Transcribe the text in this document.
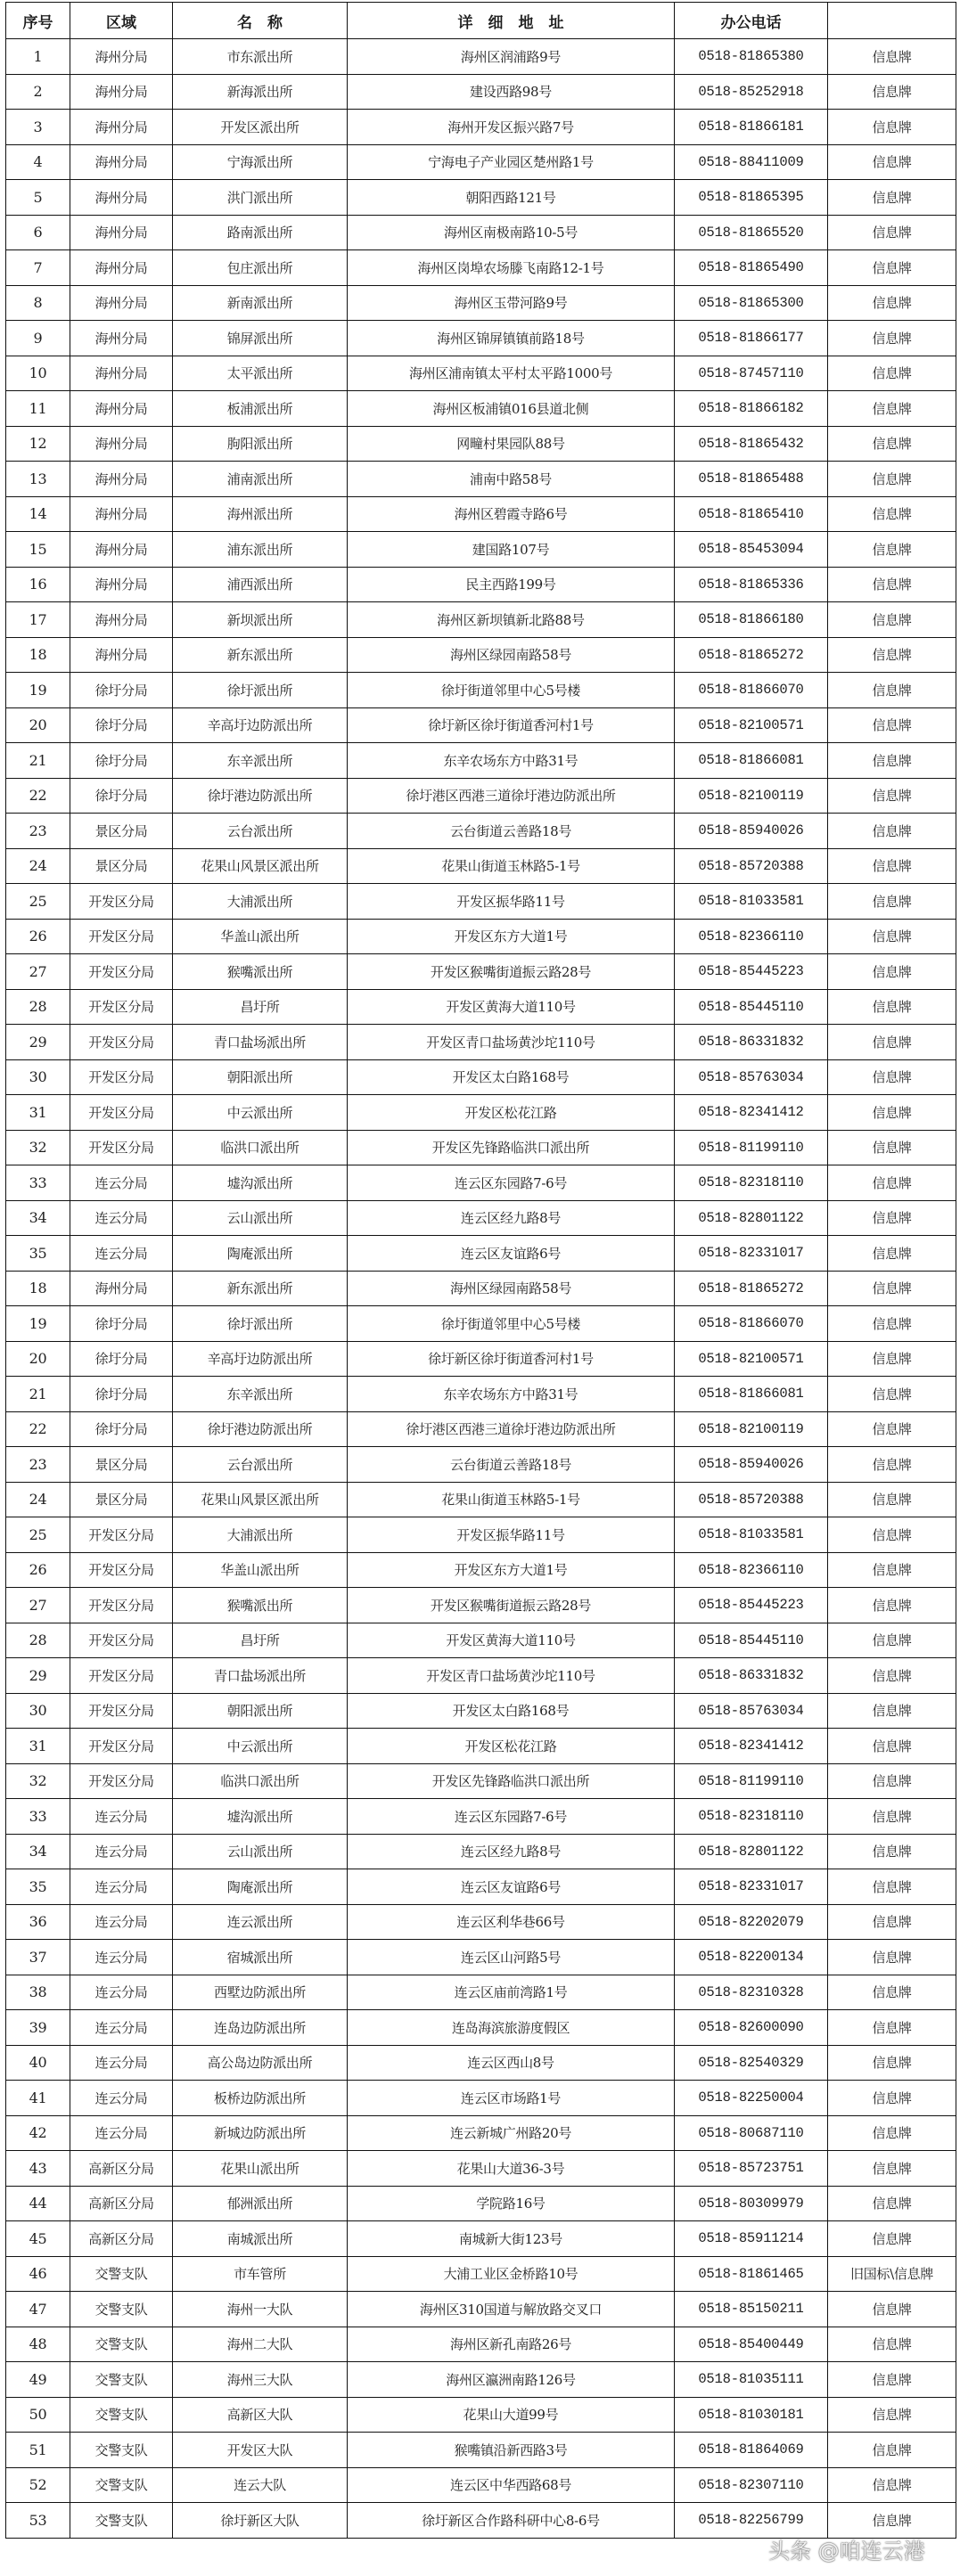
序号	区域	名　称	详　细　地　址	办公电话	
1	海州分局	市东派出所	海州区润浦路9号	0518-81865380	信息牌
2	海州分局	新海派出所	建设西路98号	0518-85252918	信息牌
3	海州分局	开发区派出所	海州开发区振兴路7号	0518-81866181	信息牌
4	海州分局	宁海派出所	宁海电子产业园区楚州路1号	0518-88411009	信息牌
5	海州分局	洪门派出所	朝阳西路121号	0518-81865395	信息牌
6	海州分局	路南派出所	海州区南极南路10-5号	0518-81865520	信息牌
7	海州分局	包庄派出所	海州区岗埠农场滕飞南路12-1号	0518-81865490	信息牌
8	海州分局	新南派出所	海州区玉带河路9号	0518-81865300	信息牌
9	海州分局	锦屏派出所	海州区锦屏镇镇前路18号	0518-81866177	信息牌
10	海州分局	太平派出所	海州区浦南镇太平村太平路1000号	0518-87457110	信息牌
11	海州分局	板浦派出所	海州区板浦镇016县道北侧	0518-81866182	信息牌
12	海州分局	朐阳派出所	网疃村果园队88号	0518-81865432	信息牌
13	海州分局	浦南派出所	浦南中路58号	0518-81865488	信息牌
14	海州分局	海州派出所	海州区碧霞寺路6号	0518-81865410	信息牌
15	海州分局	浦东派出所	建国路107号	0518-85453094	信息牌
16	海州分局	浦西派出所	民主西路199号	0518-81865336	信息牌
17	海州分局	新坝派出所	海州区新坝镇新北路88号	0518-81866180	信息牌
18	海州分局	新东派出所	海州区绿园南路58号	0518-81865272	信息牌
19	徐圩分局	徐圩派出所	徐圩街道邻里中心5号楼	0518-81866070	信息牌
20	徐圩分局	辛高圩边防派出所	徐圩新区徐圩街道香河村1号	0518-82100571	信息牌
21	徐圩分局	东辛派出所	东辛农场东方中路31号	0518-81866081	信息牌
22	徐圩分局	徐圩港边防派出所	徐圩港区西港三道徐圩港边防派出所	0518-82100119	信息牌
23	景区分局	云台派出所	云台街道云善路18号	0518-85940026	信息牌
24	景区分局	花果山风景区派出所	花果山街道玉林路5-1号	0518-85720388	信息牌
25	开发区分局	大浦派出所	开发区振华路11号	0518-81033581	信息牌
26	开发区分局	华盖山派出所	开发区东方大道1号	0518-82366110	信息牌
27	开发区分局	猴嘴派出所	开发区猴嘴街道振云路28号	0518-85445223	信息牌
28	开发区分局	昌圩所	开发区黄海大道110号	0518-85445110	信息牌
29	开发区分局	青口盐场派出所	开发区青口盐场黄沙坨110号	0518-86331832	信息牌
30	开发区分局	朝阳派出所	开发区太白路168号	0518-85763034	信息牌
31	开发区分局	中云派出所	开发区松花江路	0518-82341412	信息牌
32	开发区分局	临洪口派出所	开发区先锋路临洪口派出所	0518-81199110	信息牌
33	连云分局	墟沟派出所	连云区东园路7-6号	0518-82318110	信息牌
34	连云分局	云山派出所	连云区经九路8号	0518-82801122	信息牌
35	连云分局	陶庵派出所	连云区友谊路6号	0518-82331017	信息牌
18	海州分局	新东派出所	海州区绿园南路58号	0518-81865272	信息牌
19	徐圩分局	徐圩派出所	徐圩街道邻里中心5号楼	0518-81866070	信息牌
20	徐圩分局	辛高圩边防派出所	徐圩新区徐圩街道香河村1号	0518-82100571	信息牌
21	徐圩分局	东辛派出所	东辛农场东方中路31号	0518-81866081	信息牌
22	徐圩分局	徐圩港边防派出所	徐圩港区西港三道徐圩港边防派出所	0518-82100119	信息牌
23	景区分局	云台派出所	云台街道云善路18号	0518-85940026	信息牌
24	景区分局	花果山风景区派出所	花果山街道玉林路5-1号	0518-85720388	信息牌
25	开发区分局	大浦派出所	开发区振华路11号	0518-81033581	信息牌
26	开发区分局	华盖山派出所	开发区东方大道1号	0518-82366110	信息牌
27	开发区分局	猴嘴派出所	开发区猴嘴街道振云路28号	0518-85445223	信息牌
28	开发区分局	昌圩所	开发区黄海大道110号	0518-85445110	信息牌
29	开发区分局	青口盐场派出所	开发区青口盐场黄沙坨110号	0518-86331832	信息牌
30	开发区分局	朝阳派出所	开发区太白路168号	0518-85763034	信息牌
31	开发区分局	中云派出所	开发区松花江路	0518-82341412	信息牌
32	开发区分局	临洪口派出所	开发区先锋路临洪口派出所	0518-81199110	信息牌
33	连云分局	墟沟派出所	连云区东园路7-6号	0518-82318110	信息牌
34	连云分局	云山派出所	连云区经九路8号	0518-82801122	信息牌
35	连云分局	陶庵派出所	连云区友谊路6号	0518-82331017	信息牌
36	连云分局	连云派出所	连云区利华巷66号	0518-82202079	信息牌
37	连云分局	宿城派出所	连云区山河路5号	0518-82200134	信息牌
38	连云分局	西墅边防派出所	连云区庙前湾路1号	0518-82310328	信息牌
39	连云分局	连岛边防派出所	连岛海滨旅游度假区	0518-82600090	信息牌
40	连云分局	高公岛边防派出所	连云区西山8号	0518-82540329	信息牌
41	连云分局	板桥边防派出所	连云区市场路1号	0518-82250004	信息牌
42	连云分局	新城边防派出所	连云新城广州路20号	0518-80687110	信息牌
43	高新区分局	花果山派出所	花果山大道36-3号	0518-85723751	信息牌
44	高新区分局	郁洲派出所	学院路16号	0518-80309979	信息牌
45	高新区分局	南城派出所	南城新大街123号	0518-85911214	信息牌
46	交警支队	市车管所	大浦工业区金桥路10号	0518-81861465	旧国标\信息牌
47	交警支队	海州一大队	海州区310国道与解放路交叉口	0518-85150211	信息牌
48	交警支队	海州二大队	海州区新孔南路26号	0518-85400449	信息牌
49	交警支队	海州三大队	海州区瀛洲南路126号	0518-81035111	信息牌
50	交警支队	高新区大队	花果山大道99号	0518-81030181	信息牌
51	交警支队	开发区大队	猴嘴镇沿新西路3号	0518-81864069	信息牌
52	交警支队	连云大队	连云区中华西路68号	0518-82307110	信息牌
53	交警支队	徐圩新区大队	徐圩新区合作路科研中心8-6号	0518-82256799	信息牌
头条 @咱连云港
